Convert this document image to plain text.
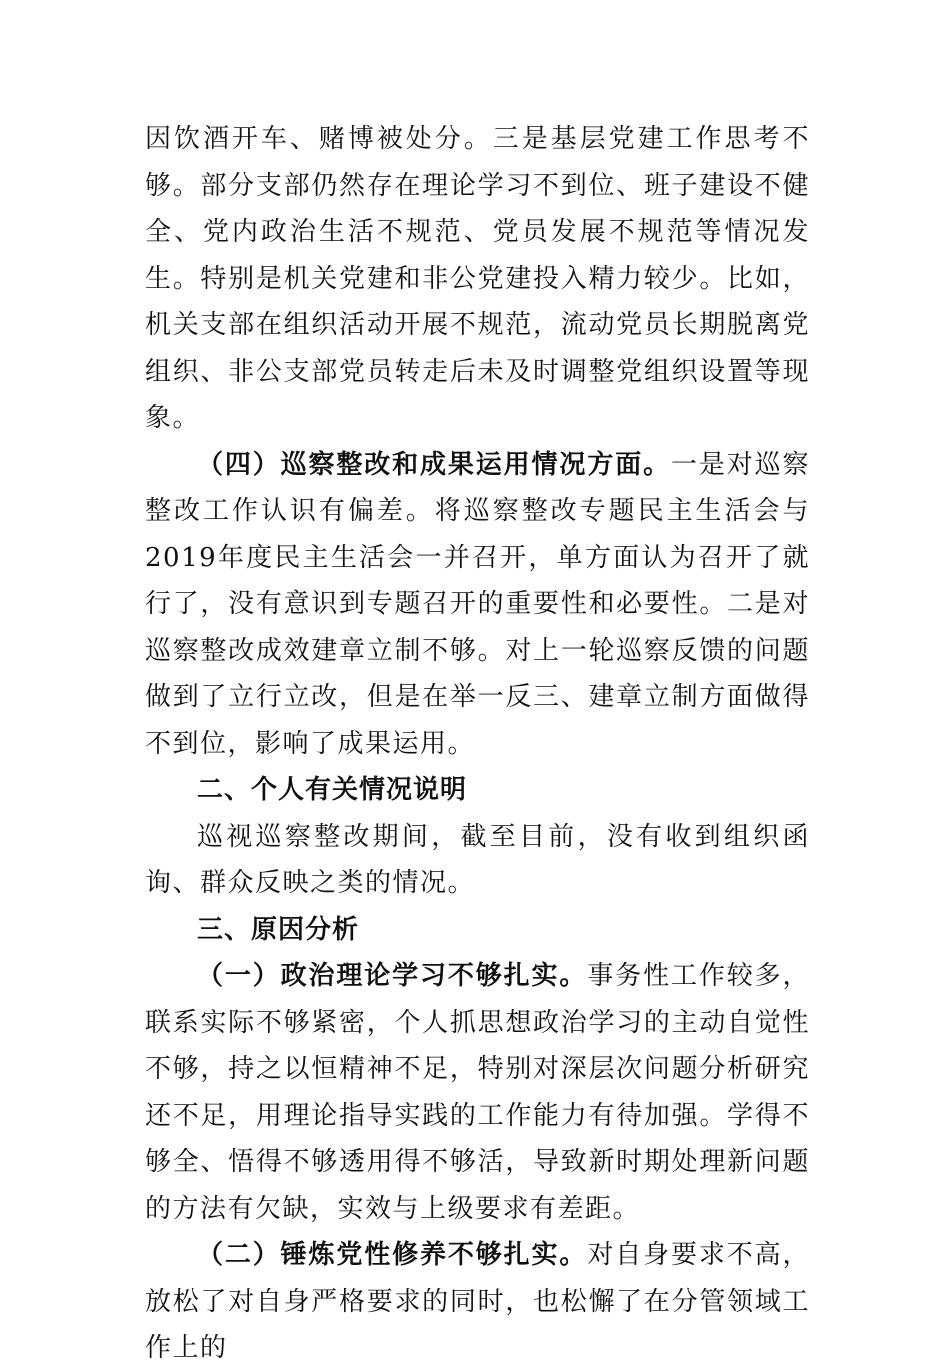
因饮酒开车、赌博被处分。三是基层党建工作思考不够。部分支部仍然存在理论学习不到位、班子建设不健全、党内政治生活不规范、党员发展不规范等情况发生。特别是机关党建和非公党建投入精力较少。比如，机关支部在组织活动开展不规范，流动党员长期脱离党组织、非公支部党员转走后未及时调整党组织设置等现象。

（四）巡察整改和成果运用情况方面。一是对巡察整改工作认识有偏差。将巡察整改专题民主生活会与2019年度民主生活会一并召开，单方面认为召开了就行了，没有意识到专题召开的重要性和必要性。二是对巡察整改成效建章立制不够。对上一轮巡察反馈的问题做到了立行立改，但是在举一反三、建章立制方面做得不到位，影响了成果运用。

二、个人有关情况说明

巡视巡察整改期间，截至目前，没有收到组织函询、群众反映之类的情况。

三、原因分析

（一）政治理论学习不够扎实。事务性工作较多，联系实际不够紧密，个人抓思想政治学习的主动自觉性不够，持之以恒精神不足，特别对深层次问题分析研究还不足，用理论指导实践的工作能力有待加强。学得不够全、悟得不够透用得不够活，导致新时期处理新问题的方法有欠缺，实效与上级要求有差距。

（二）锤炼党性修养不够扎实。对自身要求不高，放松了对自身严格要求的同时，也松懈了在分管领域工作上的
